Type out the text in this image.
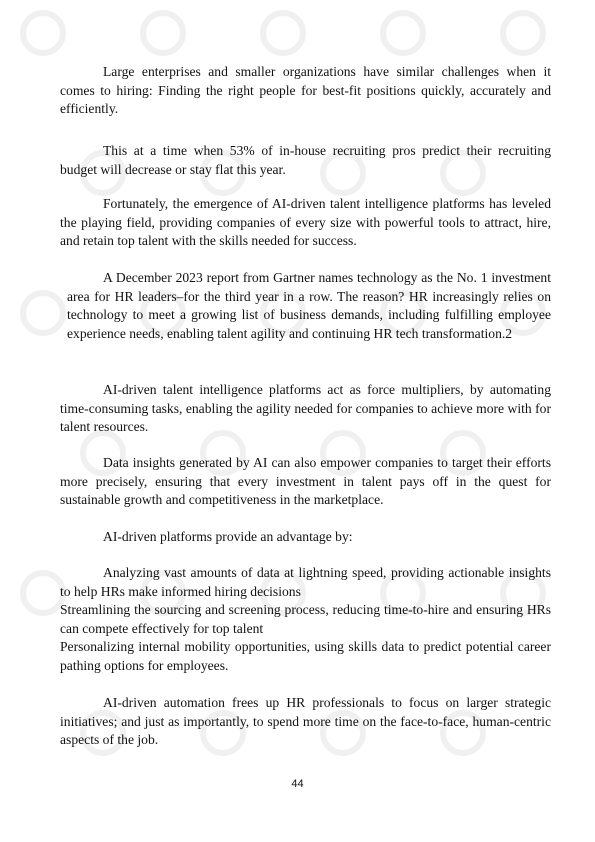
Large enterprises and smaller organizations have similar challenges when it comes to hiring: Finding the right people for best-fit positions quickly, accurately and efficiently.

This at a time when 53% of in-house recruiting pros predict their recruiting budget will decrease or stay flat this year.

Fortunately, the emergence of AI-driven talent intelligence platforms has leveled the playing field, providing companies of every size with powerful tools to attract, hire, and retain top talent with the skills needed for success.

A December 2023 report from Gartner names technology as the No. 1 investment area for HR leaders–for the third year in a row. The reason? HR increasingly relies on technology to meet a growing list of business demands, including fulfilling employee experience needs, enabling talent agility and continuing HR tech transformation.2

AI-driven talent intelligence platforms act as force multipliers, by automating time-consuming tasks, enabling the agility needed for companies to achieve more with for talent resources.

Data insights generated by AI can also empower companies to target their efforts more precisely, ensuring that every investment in talent pays off in the quest for sustainable growth and competitiveness in the marketplace.

AI-driven platforms provide an advantage by:

Analyzing vast amounts of data at lightning speed, providing actionable insights to help HRs make informed hiring decisions

Streamlining the sourcing and screening process, reducing time-to-hire and ensuring HRs can compete effectively for top talent

Personalizing internal mobility opportunities, using skills data to predict potential career pathing options for employees.

AI-driven automation frees up HR professionals to focus on larger strategic initiatives; and just as importantly, to spend more time on the face-to-face, human-centric aspects of the job.

44
